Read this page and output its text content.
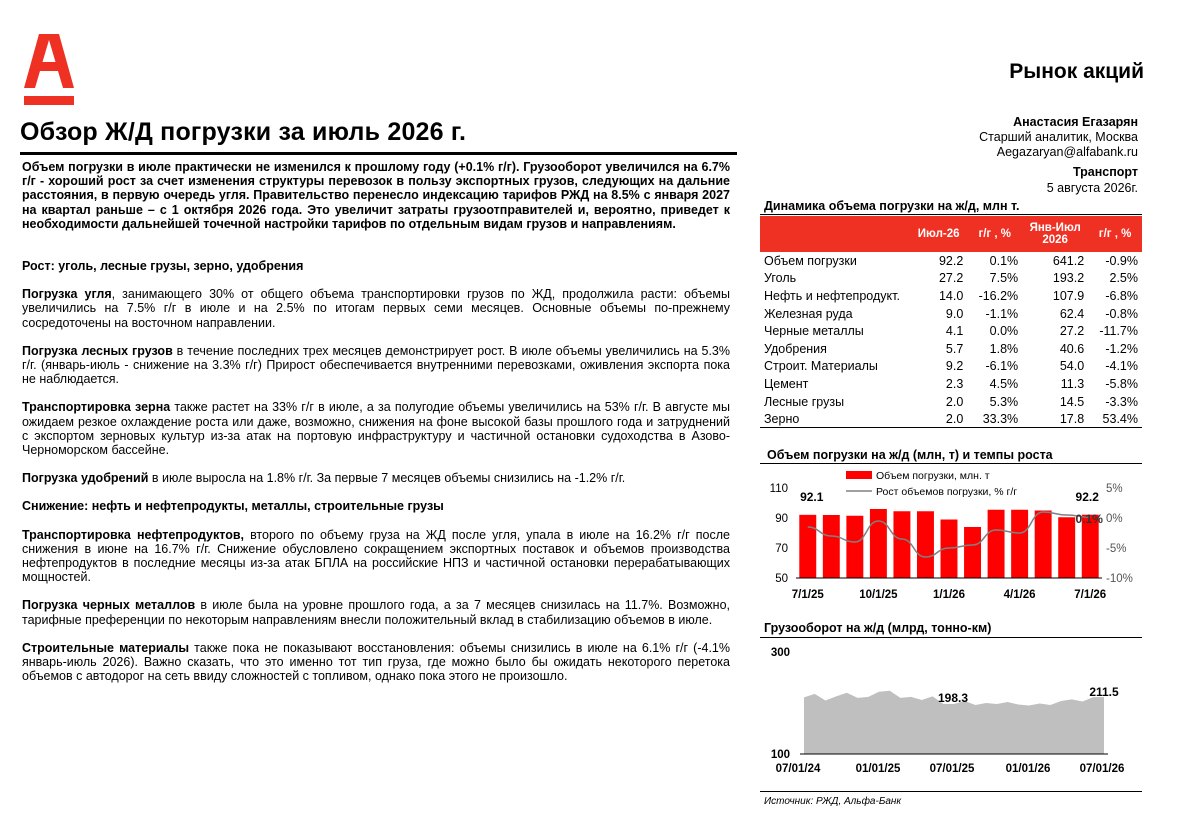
Рынок акций
Обзор Ж/Д погрузки за июль 2026 г.	Анастасия Егазарян
Старший аналитик, Москва
Aegazaryan@alfabank.ru
Транспорт
5 августа 2026г.

Объем погрузки в июле практически не изменился к прошлому году (+0.1% г/г). Грузооборот увеличился на 6.7% г/г - хороший рост за счет изменения структуры перевозок в пользу экспортных грузов, следующих на дальние расстояния, в первую очередь угля. Правительство перенесло индексацию тарифов РЖД на 8.5% с января 2027 на квартал раньше – с 1 октября 2026 года. Это увеличит затраты грузоотправителей и, вероятно, приведет к необходимости дальнейшей точечной настройки тарифов по отдельным видам грузов и направлениям.

Рост: уголь, лесные грузы, зерно, удобрения

Погрузка угля, занимающего 30% от общего объема транспортировки грузов по ЖД, продолжила расти: объемы увеличились на 7.5% г/г в июле и на 2.5% по итогам первых семи месяцев. Основные объемы по-прежнему сосредоточены на восточном направлении.

Погрузка лесных грузов в течение последних трех месяцев демонстрирует рост. В июле объемы увеличились на 5.3% г/г. (январь-июль - снижение на 3.3% г/г) Прирост обеспечивается внутренними перевозками, оживления экспорта пока не наблюдается.

Транспортировка зерна также растет на 33% г/г в июле, а за полугодие объемы увеличились на 53% г/г. В августе мы ожидаем резкое охлаждение роста или даже, возможно, снижения на фоне высокой базы прошлого года и затруднений с экспортом зерновых культур из-за атак на портовую инфраструктуру и частичной остановки судоходства в Азово-Черноморском бассейне.

Погрузка удобрений в июле выросла на 1.8% г/г. За первые 7 месяцев объемы снизились на -1.2% г/г.

Снижение: нефть и нефтепродукты, металлы, строительные грузы

Транспортировка нефтепродуктов, второго по объему груза на ЖД после угля, упала в июле на 16.2% г/г после снижения в июне на 16.7% г/г. Снижение обусловлено сокращением экспортных поставок и объемов производства нефтепродуктов в последние месяцы из-за атак БПЛА на российские НПЗ и частичной остановки перерабатывающих мощностей.

Погрузка черных металлов в июле была на уровне прошлого года, а за 7 месяцев снизилась на 11.7%. Возможно, тарифные преференции по некоторым направлениям внесли положительный вклад в стабилизацию объемов в июле.

Строительные материалы также пока не показывают восстановления: объемы снизились в июле на 6.1% г/г (-4.1% январь-июль 2026). Важно сказать, что это именно тот тип груза, где можно было бы ожидать некоторого перетока объемов с автодорог на сеть ввиду сложностей с топливом, однако пока этого не произошло.

Динамика объема погрузки на ж/д, млн т.
	Июл-26	г/г , %	Янв-Июл 2026	г/г , %
Объем погрузки	92.2	0.1%	641.2	-0.9%
Уголь	27.2	7.5%	193.2	2.5%
Нефть и нефтепродукт.	14.0	-16.2%	107.9	-6.8%
Железная руда	9.0	-1.1%	62.4	-0.8%
Черные металлы	4.1	0.0%	27.2	-11.7%
Удобрения	5.7	1.8%	40.6	-1.2%
Строит. Материалы	9.2	-6.1%	54.0	-4.1%
Цемент	2.3	4.5%	11.3	-5.8%
Лесные грузы	2.0	5.3%	14.5	-3.3%
Зерно	2.0	33.3%	17.8	53.4%
Объем погрузки на ж/д (млн, т) и темпы роста
50
70
90
110
-10%
-5%
0%
5%
7/1/25	10/1/25	1/1/26	4/1/26	7/1/26
Объем погрузки, млн. т
Рост объемов погрузки, % г/г
92.1	92.2
0.1%
Грузооборот на ж/д (млрд, тонно-км)
300
100
07/01/24	01/01/25	07/01/25	01/01/26	07/01/26
198.3	211.5
Источник: РЖД, Альфа-Банк
